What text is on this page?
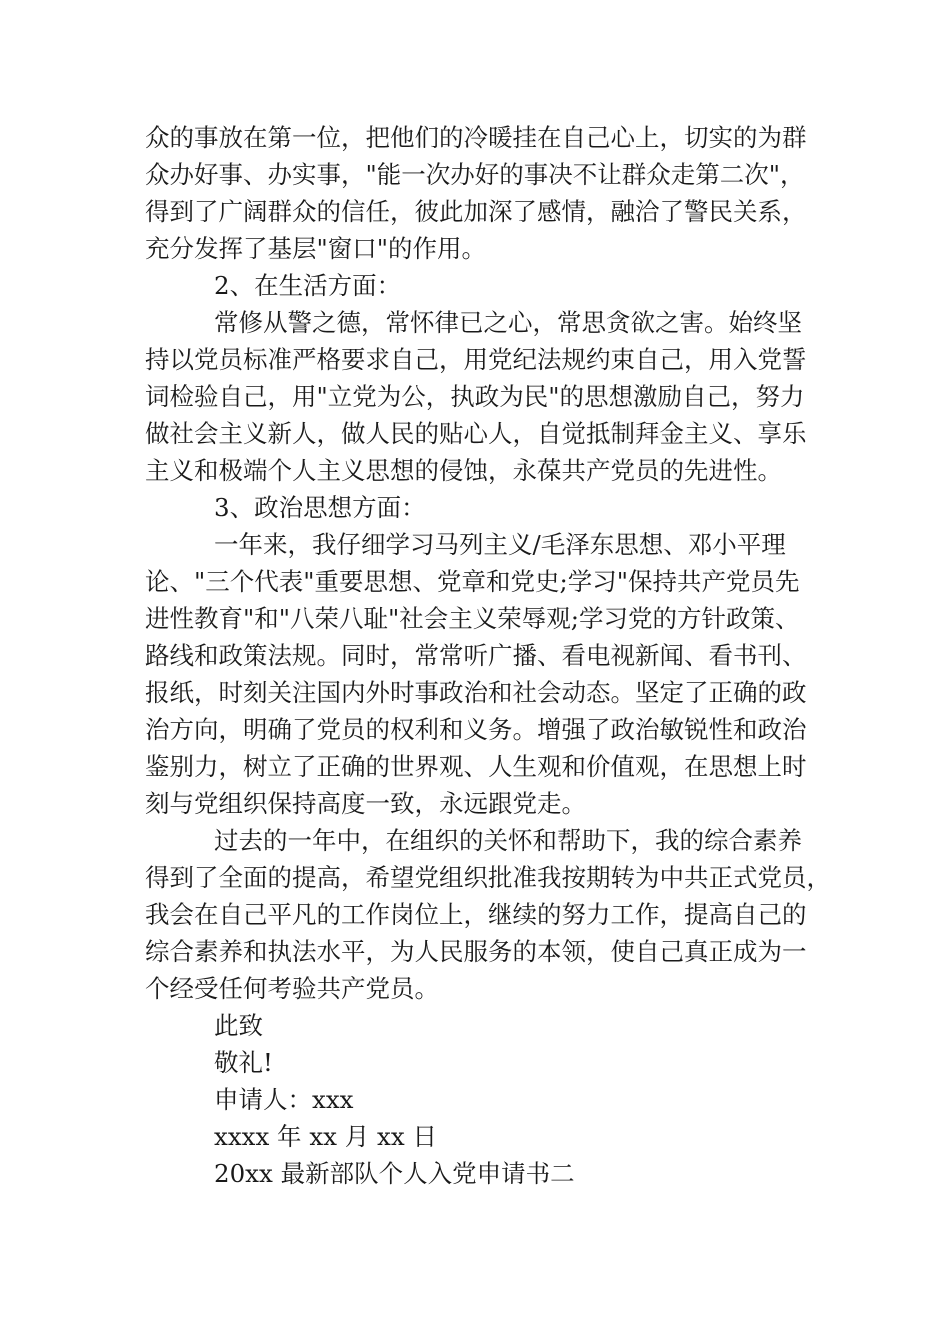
众的事放在第一位，把他们的冷暖挂在自己心上，切实的为群
众办好事、办实事，"能一次办好的事决不让群众走第二次"，
得到了广阔群众的信任，彼此加深了感情，融洽了警民关系，
充分发挥了基层"窗口"的作用。
2、在生活方面：
常修从警之德，常怀律已之心，常思贪欲之害。始终坚
持以党员标准严格要求自己，用党纪法规约束自己，用入党誓
词检验自己，用"立党为公，执政为民"的思想激励自己，努力
做社会主义新人，做人民的贴心人，自觉抵制拜金主义、享乐
主义和极端个人主义思想的侵蚀，永葆共产党员的先进性。
3、政治思想方面：
一年来，我仔细学习马列主义/毛泽东思想、邓小平理
论、"三个代表"重要思想、党章和党史;学习"保持共产党员先
进性教育"和"八荣八耻"社会主义荣辱观;学习党的方针政策、
路线和政策法规。同时，常常听广播、看电视新闻、看书刊、
报纸，时刻关注国内外时事政治和社会动态。坚定了正确的政
治方向，明确了党员的权利和义务。增强了政治敏锐性和政治
鉴别力，树立了正确的世界观、人生观和价值观，在思想上时
刻与党组织保持高度一致，永远跟党走。
过去的一年中，在组织的关怀和帮助下，我的综合素养
得到了全面的提高，希望党组织批准我按期转为中共正式党员，
我会在自己平凡的工作岗位上，继续的努力工作，提高自己的
综合素养和执法水平，为人民服务的本领，使自己真正成为一
个经受任何考验共产党员。
此致
敬礼!
申请人：xxx
xxxx 年 xx 月 xx 日
20xx 最新部队个人入党申请书二
